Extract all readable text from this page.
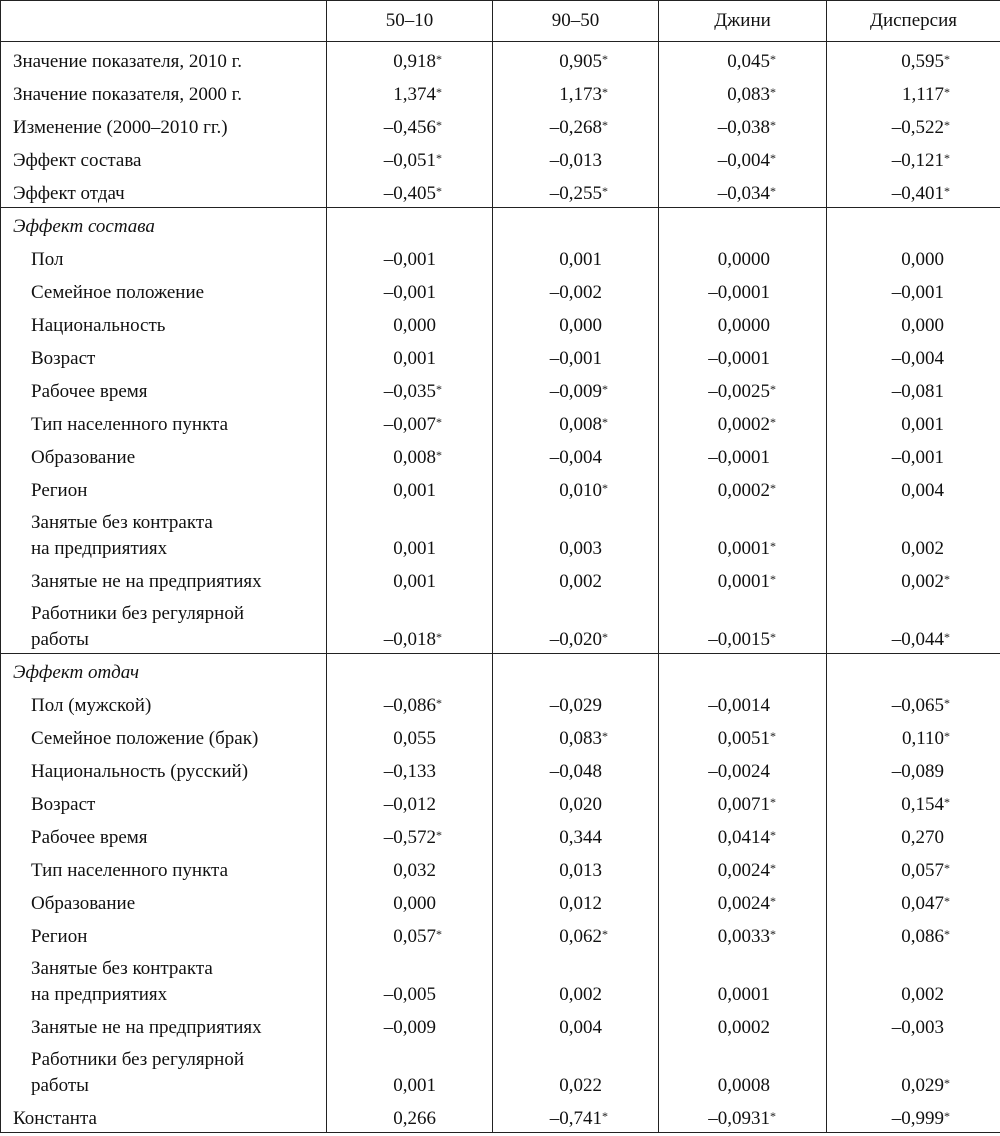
	50–10	90–50	Джини	Дисперсия
Значение показателя, 2010 г.	0,918*	0,905*	0,045*	0,595*
Значение показателя, 2000 г.	1,374*	1,173*	0,083*	1,117*
Изменение (2000–2010 гг.)	–0,456*	–0,268*	–0,038*	–0,522*
Эффект состава	–0,051*	–0,013	–0,004*	–0,121*
Эффект отдач	–0,405*	–0,255*	–0,034*	–0,401*
Эффект состава				
Пол	–0,001	0,001	0,0000	0,000
Семейное положение	–0,001	–0,002	–0,0001	–0,001
Национальность	0,000	0,000	0,0000	0,000
Возраст	0,001	–0,001	–0,0001	–0,004
Рабочее время	–0,035*	–0,009*	–0,0025*	–0,081
Тип населенного пункта	–0,007*	0,008*	0,0002*	0,001
Образование	0,008*	–0,004	–0,0001	–0,001
Регион	0,001	0,010*	0,0002*	0,004

Занятые без контракта
на предприятиях	0,001	0,003	0,0001*	0,002
Занятые не на предприятиях	0,001	0,002	0,0001*	0,002*

Работники без регулярной
работы	–0,018*	–0,020*	–0,0015*	–0,044*
Эффект отдач				
Пол (мужской)	–0,086*	–0,029	–0,0014	–0,065*
Семейное положение (брак)	0,055	0,083*	0,0051*	0,110*
Национальность (русский)	–0,133	–0,048	–0,0024	–0,089
Возраст	–0,012	0,020	0,0071*	0,154*
Рабочее время	–0,572*	0,344	0,0414*	0,270
Тип населенного пункта	0,032	0,013	0,0024*	0,057*
Образование	0,000	0,012	0,0024*	0,047*
Регион	0,057*	0,062*	0,0033*	0,086*

Занятые без контракта
на предприятиях	–0,005	0,002	0,0001	0,002
Занятые не на предприятиях	–0,009	0,004	0,0002	–0,003

Работники без регулярной
работы	0,001	0,022	0,0008	0,029*
Константа	0,266	–0,741*	–0,0931*	–0,999*
